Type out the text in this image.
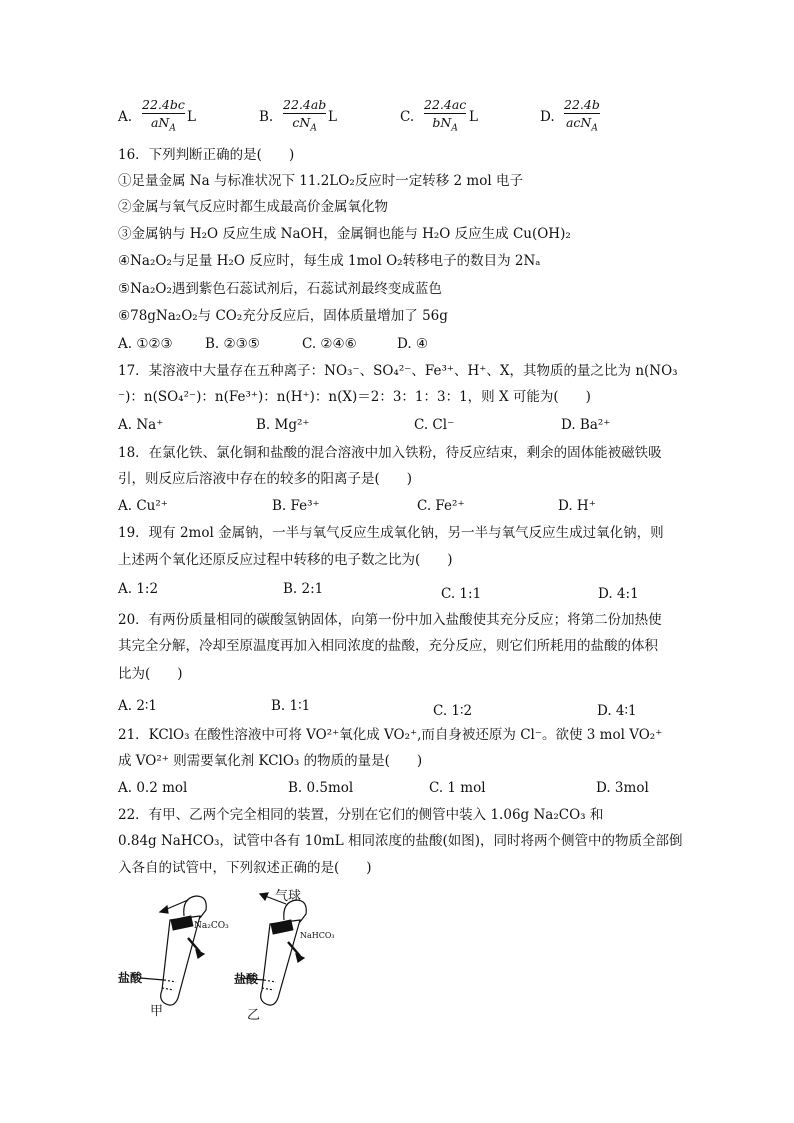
A.
22.4bc
$aN_A$
L	B.
22.4ab
$cN_A$
L	C.
22.4ac
$bN_A$
L	D.
22.4b
acN$_A$
16．下列判断正确的是(　　)
①足量金属 Na 与标准状况下 11.2LO₂反应时一定转移 2 mol 电子
②金属与氧气反应时都生成最高价金属氧化物
③金属钠与 H₂O 反应生成 NaOH，金属铜也能与 H₂O 反应生成 Cu(OH)₂
④Na₂O₂与足量 H₂O 反应时，每生成 1mol O₂转移电子的数目为 2Nₐ
⑤Na₂O₂遇到紫色石蕊试剂后，石蕊试剂最终变成蓝色
⑥78gNa₂O₂与 CO₂充分反应后，固体质量增加了 56g
A. ①②③ B. ②③⑤	C. ②④⑥	D. ④
17．某溶液中大量存在五种离子：NO₃⁻、SO₄²⁻、Fe³⁺、H⁺、X，其物质的量之比为 n(NO₃
⁻)：n(SO₄²⁻)：n(Fe³⁺)：n(H⁺)：n(X)＝2：3：1：3：1，则 X 可能为(　　)
A. Na⁺	B. Mg²⁺	C. Cl⁻	D. Ba²⁺
18．在氯化铁、氯化铜和盐酸的混合溶液中加入铁粉，待反应结束，剩余的固体能被磁铁吸
引，则反应后溶液中存在的较多的阳离子是(　　)
A. Cu²⁺	B. Fe³⁺	C. Fe²⁺	D. H⁺
19．现有 2mol 金属钠，一半与氧气反应生成氧化钠，另一半与氧气反应生成过氧化钠，则
上述两个氧化还原反应过程中转移的电子数之比为(　　)
A. 1:2	B. 2:1	C. 1:1	D. 4:1
20．有两份质量相同的碳酸氢钠固体，向第一份中加入盐酸使其充分反应；将第二份加热使
其完全分解，冷却至原温度再加入相同浓度的盐酸，充分反应，则它们所耗用的盐酸的体积
比为(　　)
A. 2∶1	B. 1∶1	C. 1∶2	D. 4∶1
21．KClO₃ 在酸性溶液中可将 VO²⁺氧化成 VO₂⁺,而自身被还原为 Cl⁻。欲使 3 mol VO₂⁺
成 VO²⁺ 则需要氧化剂 KClO₃ 的物质的量是(　　)
A. 0.2 mol	B. 0.5mol	C. 1 mol	D. 3mol
22．有甲、乙两个完全相同的装置，分别在它们的侧管中装入 1.06g Na₂CO₃ 和
0.84g NaHCO₃，试管中各有 10mL 相同浓度的盐酸(如图)，同时将两个侧管中的物质全部倒
入各自的试管中，下列叙述正确的是(　　)
气球
Na₂CO₃
NaHCO₃
盐酸	盐酸
甲	乙
